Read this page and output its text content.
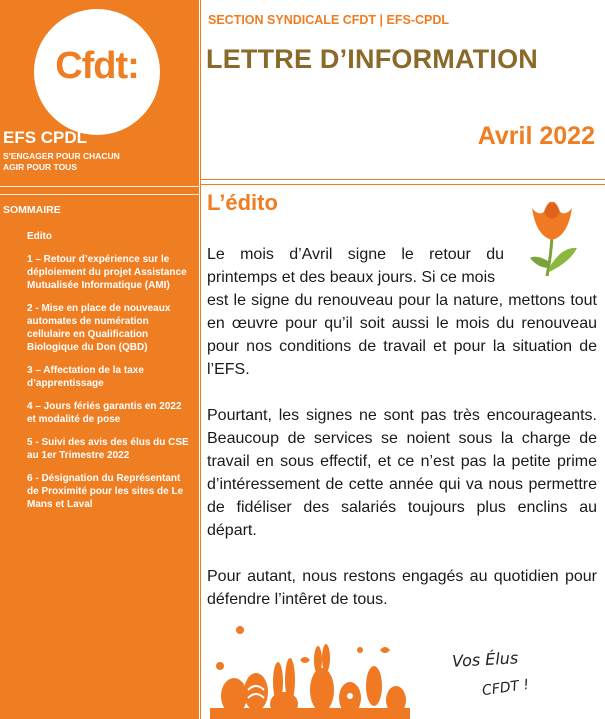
Cfdt:
EFS CPDL
S'ENGAGER POUR CHACUN
AGIR POUR TOUS
SOMMAIRE
Edito
1 – Retour d’expérience sur le déploiement du projet Assistance Mutualisée Informatique (AMI)
2 - Mise en place de nouveaux automates de numération cellulaire en Qualification Biologique du Don (QBD)
3 – Affectation de la taxe d’apprentissage
4 – Jours fériés garantis en 2022 et modalité de pose
5 - Suivi des avis des élus du CSE au 1er Trimestre 2022
6 - Désignation du Représentant de Proximité pour les sites de Le Mans et Laval
SECTION SYNDICALE CFDT | EFS-CPDL
LETTRE D’INFORMATION
Avril 2022
L’édito

Le mois d’Avril signe le retour du printemps et des beaux jours. Si ce mois

est le signe du renouveau pour la nature, mettons tout en œuvre pour qu’il soit aussi le mois du renouveau pour nos conditions de travail et pour la situation de l’EFS.

Pourtant, les signes ne sont pas très encourageants. Beaucoup de services se noient sous la charge de travail en sous effectif, et ce n’est pas la petite prime d’intéressement de cette année qui va nous permettre de fidéliser des salariés toujours plus enclins au départ.

Pour autant, nous restons engagés au quotidien pour défendre l’intêret de tous.

Vos Élus
CFDT !
